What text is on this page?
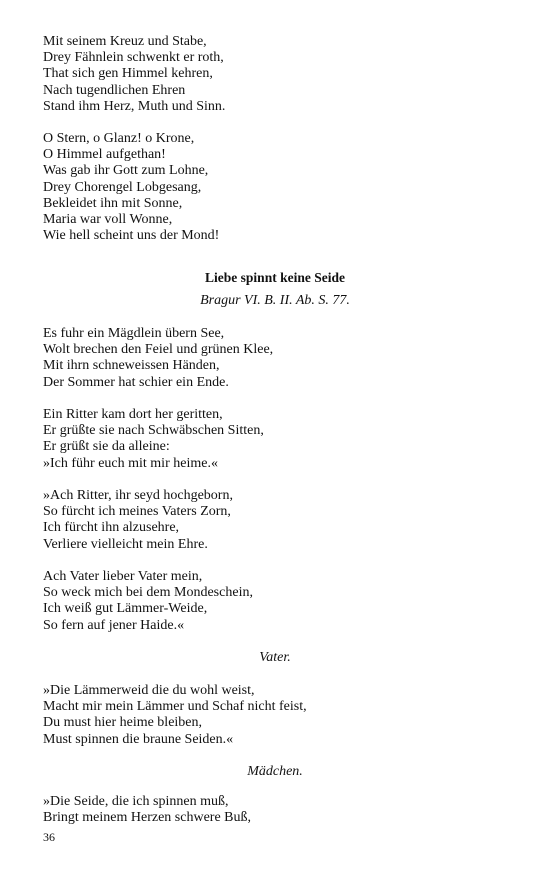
Mit seinem Kreuz und Stabe,
Drey Fähnlein schwenkt er roth,
That sich gen Himmel kehren,
Nach tugendlichen Ehren
Stand ihm Herz, Muth und Sinn.
O Stern, o Glanz! o Krone,
O Himmel aufgethan!
Was gab ihr Gott zum Lohne,
Drey Chorengel Lobgesang,
Bekleidet ihn mit Sonne,
Maria war voll Wonne,
Wie hell scheint uns der Mond!
Liebe spinnt keine Seide
Bragur VI. B. II. Ab. S. 77.
Es fuhr ein Mägdlein übern See,
Wolt brechen den Feiel und grünen Klee,
Mit ihrn schneweissen Händen,
Der Sommer hat schier ein Ende.
Ein Ritter kam dort her geritten,
Er grüßte sie nach Schwäbschen Sitten,
Er grüßt sie da alleine:
»Ich führ euch mit mir heime.«
»Ach Ritter, ihr seyd hochgeborn,
So fürcht ich meines Vaters Zorn,
Ich fürcht ihn alzusehre,
Verliere vielleicht mein Ehre.
Ach Vater lieber Vater mein,
So weck mich bei dem Mondeschein,
Ich weiß gut Lämmer-Weide,
So fern auf jener Haide.«
Vater.
»Die Lämmerweid die du wohl weist,
Macht mir mein Lämmer und Schaf nicht feist,
Du must hier heime bleiben,
Must spinnen die braune Seiden.«
Mädchen.
»Die Seide, die ich spinnen muß,
Bringt meinem Herzen schwere Buß,
36
